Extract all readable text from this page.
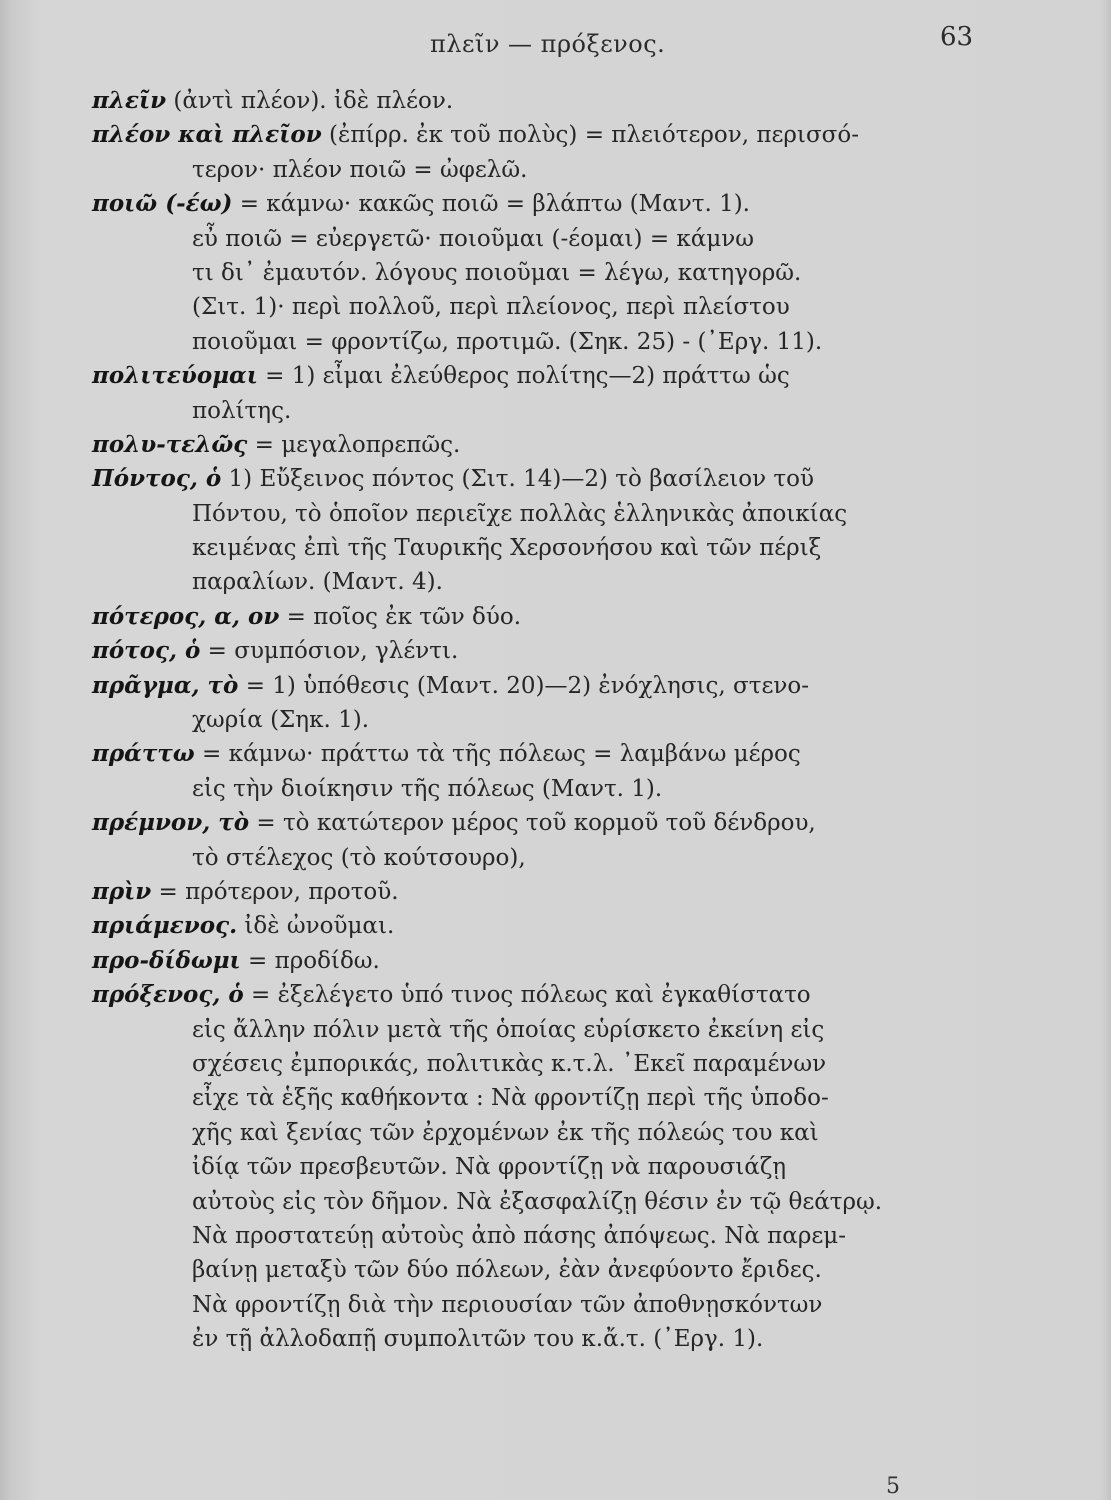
πλεῖν — πρόξενος.	63
πλεῖν (ἀντὶ πλέον). ἰδὲ πλέον.
πλέον καὶ πλεῖον (ἐπίρρ. ἐκ τοῦ πολὺς) = πλειότερον, περισσό-
τερον· πλέον ποιῶ = ὠφελῶ.
ποιῶ (-έω) = κάμνω· κακῶς ποιῶ = βλάπτω (Μαντ. 1).
εὖ ποιῶ = εὐεργετῶ· ποιοῦμαι (-έομαι) = κάμνω
τι δι᾽ ἐμαυτόν. λόγους ποιοῦμαι = λέγω, κατηγορῶ.
(Σιτ. 1)· περὶ πολλοῦ, περὶ πλείονος, περὶ πλείστου
ποιοῦμαι = φροντίζω, προτιμῶ. (Σηκ. 25) - (᾿Εργ. 11).
πολιτεύομαι = 1) εἶμαι ἐλεύθερος πολίτης—2) πράττω ὡς
πολίτης.
πολυ-τελῶς = μεγαλοπρεπῶς.
Πόντος, ὁ 1) Εὔξεινος πόντος (Σιτ. 14)—2) τὸ βασίλειον τοῦ
Πόντου, τὸ ὁποῖον περιεῖχε πολλὰς ἑλληνικὰς ἀποικίας
κειμένας ἐπὶ τῆς Ταυρικῆς Χερσονήσου καὶ τῶν πέριξ
παραλίων. (Μαντ. 4).
πότερος, α, ον = ποῖος ἐκ τῶν δύο.
πότος, ὁ = συμπόσιον, γλέντι.
πρᾶγμα, τὸ = 1) ὑπόθεσις (Μαντ. 20)—2) ἐνόχλησις, στενο-
χωρία (Σηκ. 1).
πράττω = κάμνω· πράττω τὰ τῆς πόλεως = λαμβάνω μέρος
εἰς τὴν διοίκησιν τῆς πόλεως (Μαντ. 1).
πρέμνον, τὸ = τὸ κατώτερον μέρος τοῦ κορμοῦ τοῦ δένδρου,
τὸ στέλεχος (τὸ κούτσουρο),
πρὶν = πρότερον, προτοῦ.
πριάμενος. ἰδὲ ὠνοῦμαι.
προ-δίδωμι = προδίδω.
πρόξενος, ὁ = ἐξελέγετο ὑπό τινος πόλεως καὶ ἐγκαθίστατο
εἰς ἄλλην πόλιν μετὰ τῆς ὁποίας εὑρίσκετο ἐκείνη εἰς
σχέσεις ἐμπορικάς, πολιτικὰς κ.τ.λ. ᾿Εκεῖ παραμένων
εἶχε τὰ ἑξῆς καθήκοντα : Νὰ φροντίζῃ περὶ τῆς ὑποδο-
χῆς καὶ ξενίας τῶν ἐρχομένων ἐκ τῆς πόλεώς του καὶ
ἰδίᾳ τῶν πρεσβευτῶν. Νὰ φροντίζῃ νὰ παρουσιάζῃ
αὐτοὺς εἰς τὸν δῆμον. Νὰ ἐξασφαλίζῃ θέσιν ἐν τῷ θεάτρῳ.
Νὰ προστατεύῃ αὐτοὺς ἀπὸ πάσης ἀπόψεως. Νὰ παρεμ-
βαίνῃ μεταξὺ τῶν δύο πόλεων, ἐὰν ἀνεφύοντο ἔριδες.
Νὰ φροντίζῃ διὰ τὴν περιουσίαν τῶν ἀποθνῃσκόντων
ἐν τῇ ἀλλοδαπῇ συμπολιτῶν του κ.ἄ.τ. (᾿Εργ. 1).
5
